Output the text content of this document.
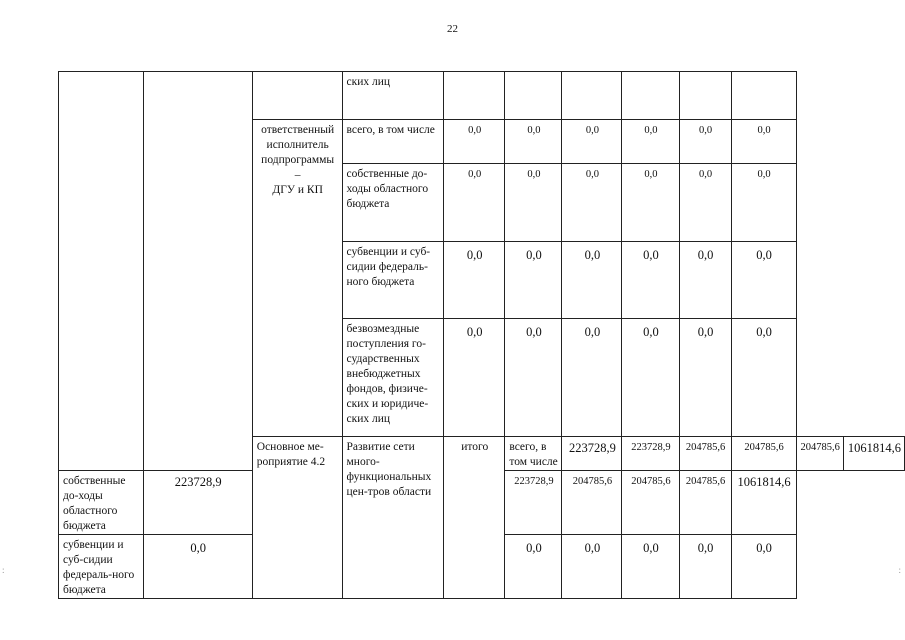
22
:	:
			ских лиц								

		ответственный
исполнитель
подпрограммы
–
ДГУ и КП	всего, в том числе	0,0	0,0	0,0	0,0	0,0	0,0		
			собственные до-ходы областного бюджета	0,0	0,0	0,0	0,0	0,0	0,0		
			субвенции и суб-сидии федераль-ного бюджета	0,0	0,0	0,0	0,0	0,0	0,0		
			безвозмездные поступления го-сударственных внебюджетных фондов, физиче-ских и юридиче-ских лиц	0,0	0,0	0,0	0,0	0,0	0,0		
		Основное ме-роприятие 4.2	Развитие сети много-функциональных цен-тров области	итого	всего, в том числе	223728,9	223728,9	204785,6	204785,6	204785,6	1061814,6
собственные до-ходы областного бюджета	223728,9				223728,9	204785,6	204785,6	204785,6	1061814,6		
субвенции и суб-сидии федераль-ного бюджета	0,0				0,0	0,0	0,0	0,0	0,0		
